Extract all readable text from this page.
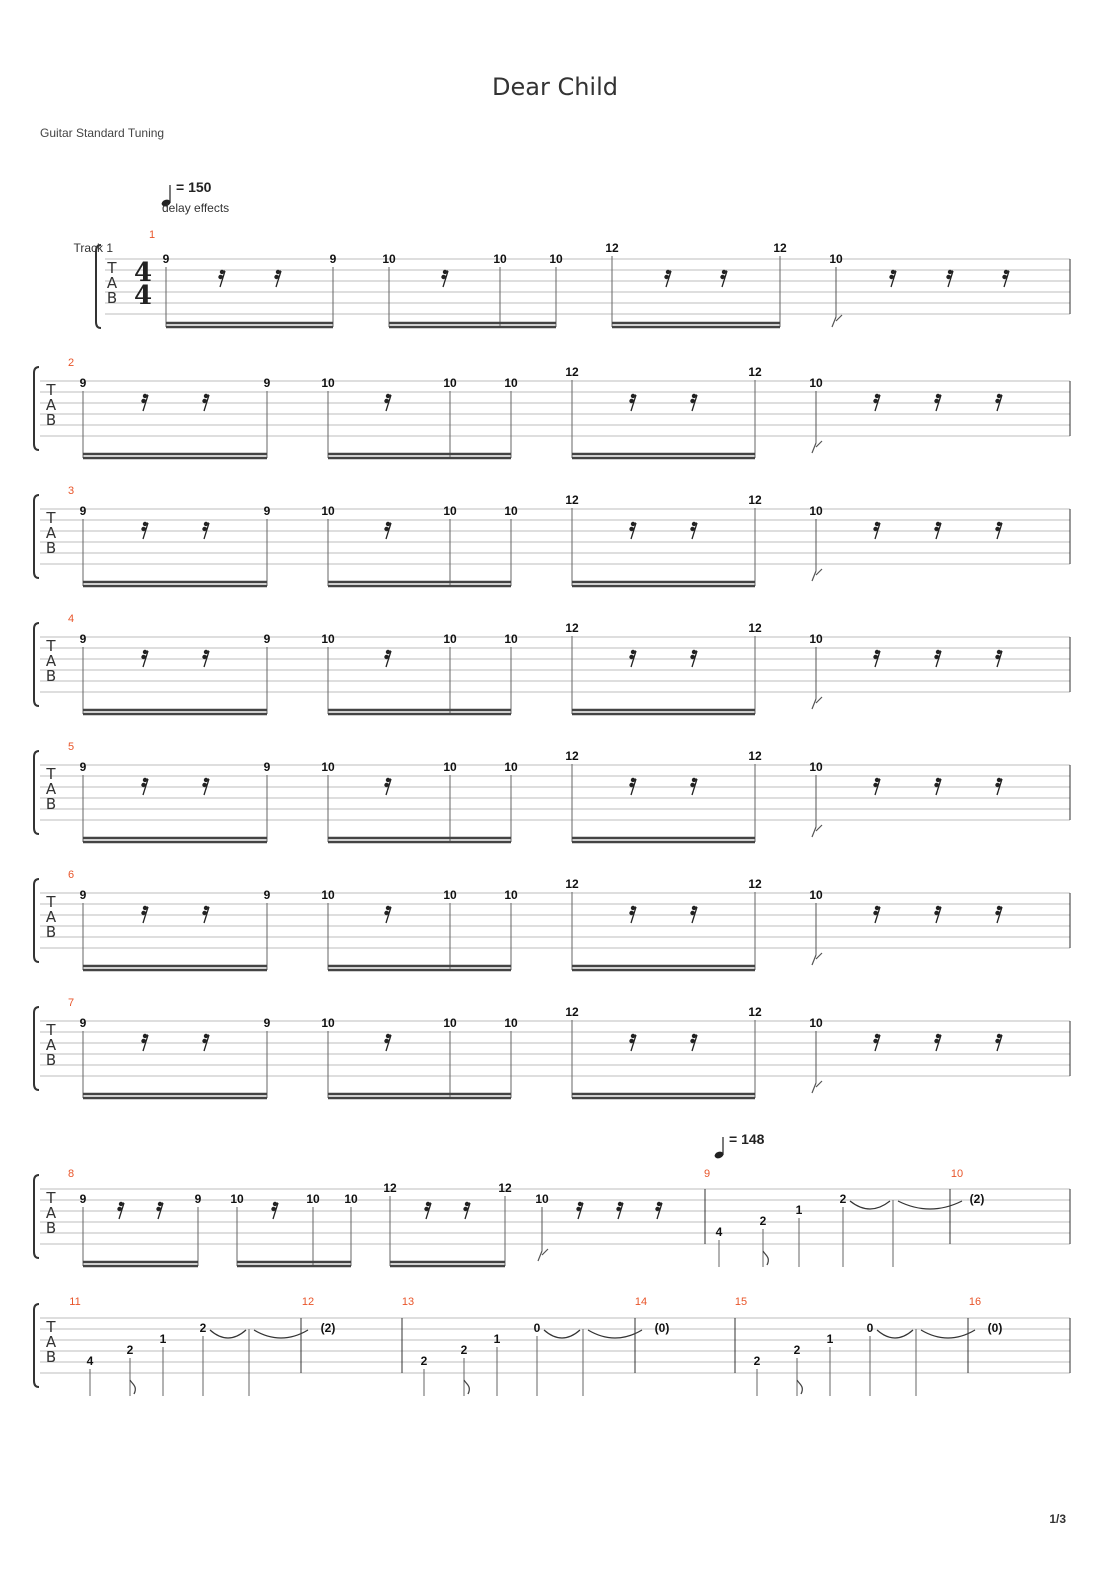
Dear Child
Guitar Standard Tuning
= 150
delay effects
= 148
T
A
B
1
Track 1
4
4
9	9	10	10	10
12	12
10
T
A
B
2
9	9	10	10	10
12	12
10
T
A
B
3
9	9	10	10	10
12	12
10
T
A
B
4
9	9	10	10	10
12	12
10
T
A
B
5
9	9	10	10	10
12	12
10
T
A
B
6
9	9	10	10	10
12	12
10
T
A
B
7
9	9	10	10	10
12	12
10
T
A
B
8	9	10
9	9 10	10 10
12	12
10
4
2
1
2	(2)
T
A
B
11	12	13	14	15	16
4
2
1
2	(2)
2
2
1
0	(0)
2
2
1
0	(0)
1/3
